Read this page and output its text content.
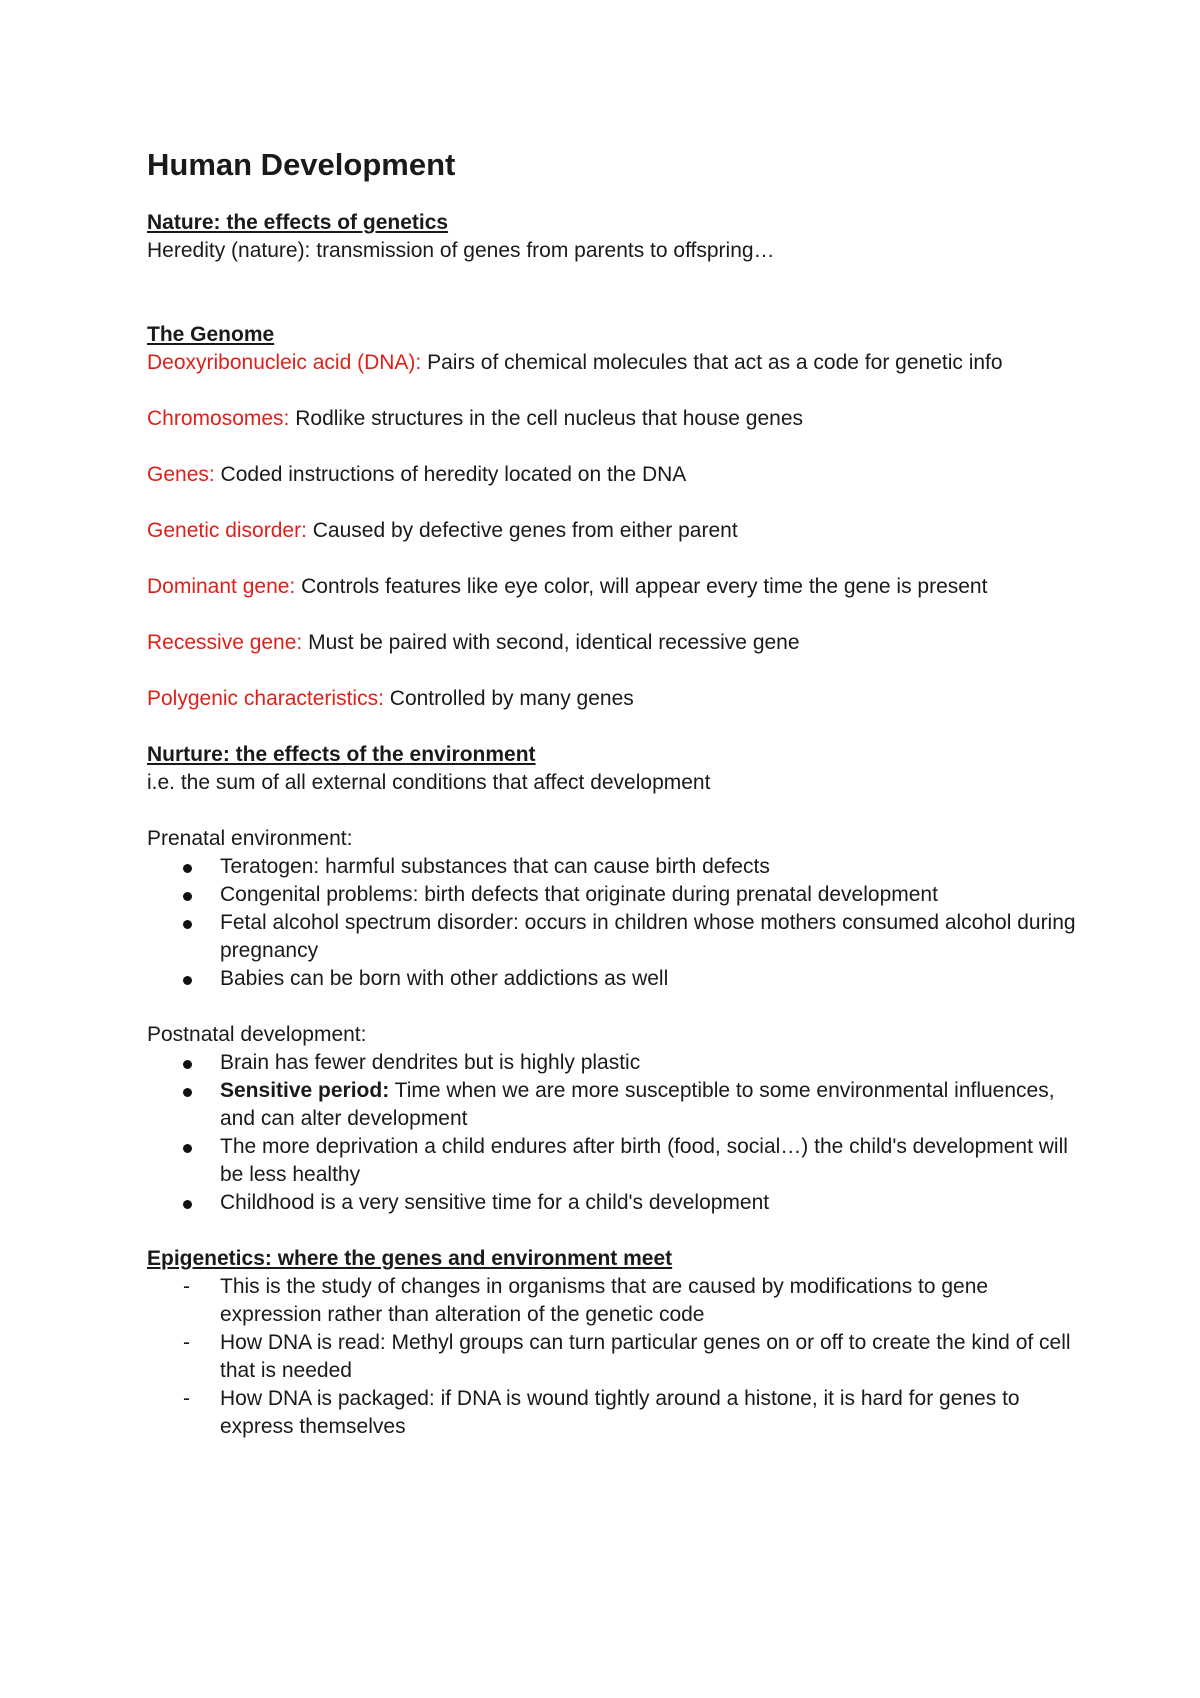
Human Development

Nature: the effects of genetics

Heredity (nature): transmission of genes from parents to offspring…

The Genome

Deoxyribonucleic acid (DNA): Pairs of chemical molecules that act as a code for genetic info

Chromosomes: Rodlike structures in the cell nucleus that house genes

Genes: Coded instructions of heredity located on the DNA

Genetic disorder: Caused by defective genes from either parent

Dominant gene: Controls features like eye color, will appear every time the gene is present

Recessive gene: Must be paired with second, identical recessive gene

Polygenic characteristics: Controlled by many genes

Nurture: the effects of the environment

i.e. the sum of all external conditions that affect development

Prenatal environment:

Teratogen: harmful substances that can cause birth defects
Congenital problems: birth defects that originate during prenatal development
Fetal alcohol spectrum disorder: occurs in children whose mothers consumed alcohol during pregnancy
Babies can be born with other addictions as well

Postnatal development:

Brain has fewer dendrites but is highly plastic
Sensitive period: Time when we are more susceptible to some environmental influences, and can alter development
The more deprivation a child endures after birth (food, social…) the child's development will be less healthy
Childhood is a very sensitive time for a child's development

Epigenetics: where the genes and environment meet

- This is the study of changes in organisms that are caused by modifications to gene expression rather than alteration of the genetic code
- How DNA is read: Methyl groups can turn particular genes on or off to create the kind of cell that is needed
- How DNA is packaged: if DNA is wound tightly around a histone, it is hard for genes to express themselves
